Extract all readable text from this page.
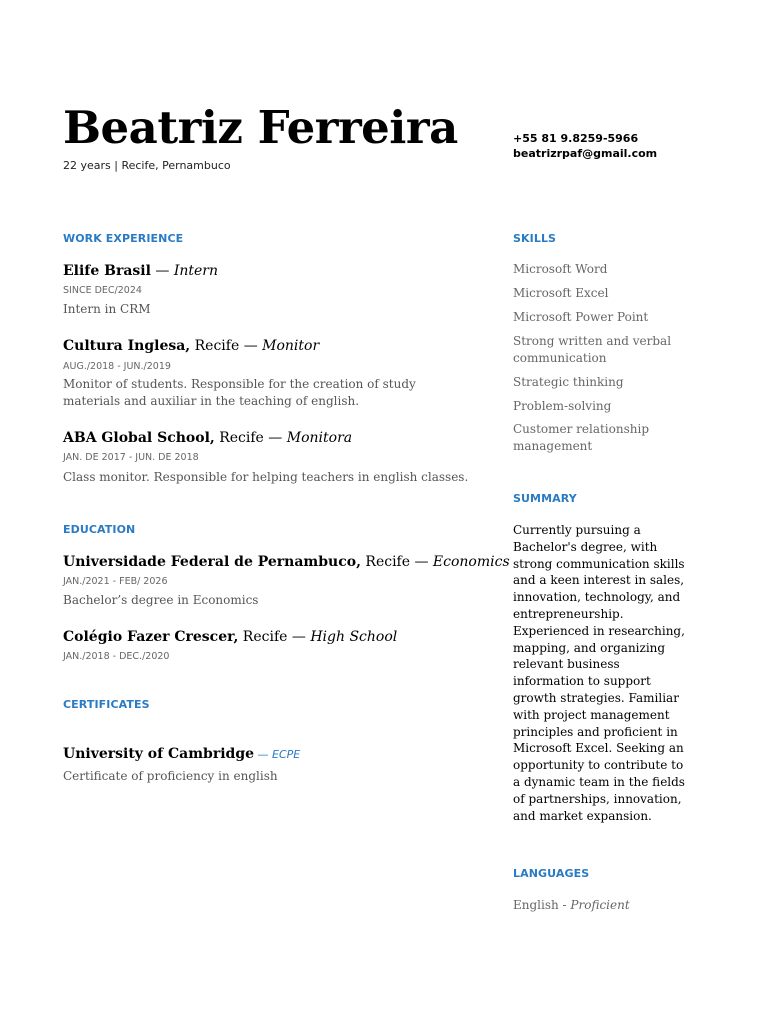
Beatriz Ferreira
22 years | Recife, Pernambuco
+55 81 9.8259-5966
beatrizrpaf@gmail.com
WORK EXPERIENCE
Elife Brasil — Intern
SINCE DEC/2024
Intern in CRM
Cultura Inglesa, Recife — Monitor
AUG./2018 - JUN./2019
Monitor of students. Responsible for the creation of study materials and auxiliar in the teaching of english.
ABA Global School, Recife — Monitora
JAN. DE 2017 - JUN. DE 2018
Class monitor. Responsible for helping teachers in english classes.
EDUCATION
Universidade Federal de Pernambuco, Recife — Economics
JAN./2021 - FEB/ 2026
Bachelor’s degree in Economics
Colégio Fazer Crescer, Recife — High School
JAN./2018 - DEC./2020
CERTIFICATES
University of Cambridge — ECPE
Certificate of proficiency in english
SKILLS
Microsoft Word
Microsoft Excel
Microsoft Power Point
Strong written and verbal communication
Strategic thinking
Problem-solving
Customer relationship management
SUMMARY
Currently pursuing a Bachelor's degree, with strong communication skills and a keen interest in sales, innovation, technology, and entrepreneurship. Experienced in researching, mapping, and organizing relevant business information to support growth strategies. Familiar with project management principles and proficient in Microsoft Excel. Seeking an opportunity to contribute to a dynamic team in the fields of partnerships, innovation, and market expansion.
LANGUAGES
English - Proficient
